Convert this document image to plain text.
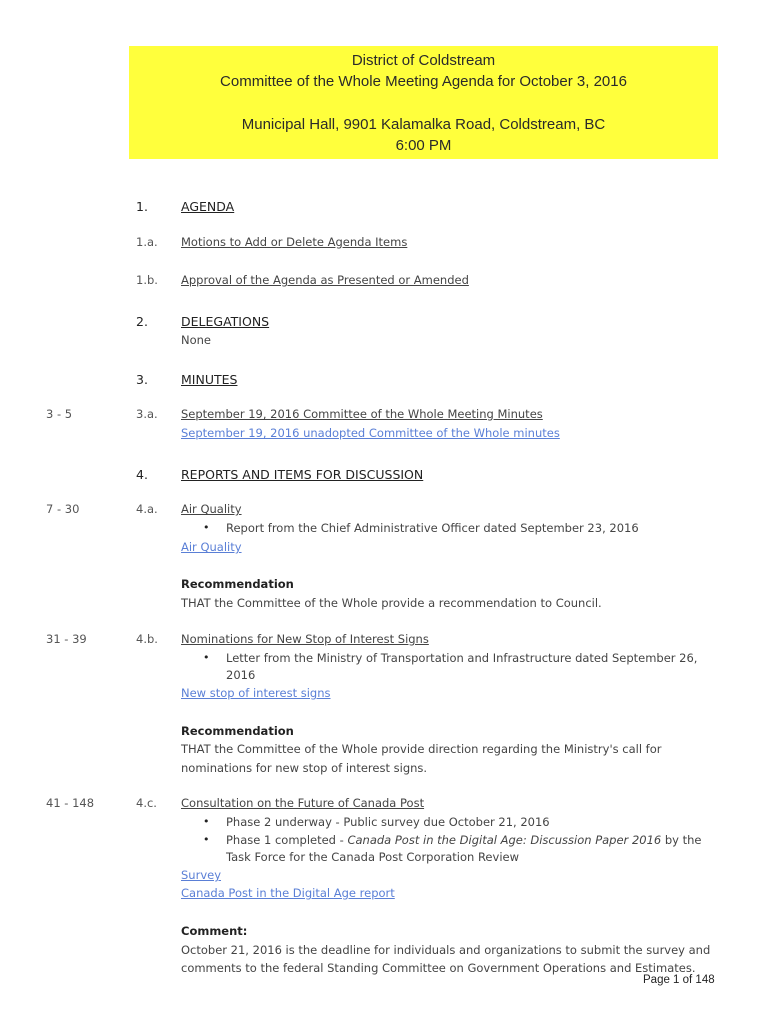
District of Coldstream
Committee of the Whole Meeting Agenda for October 3, 2016
Municipal Hall, 9901 Kalamalka Road, Coldstream, BC
6:00 PM
1.	AGENDA
1.a. Motions to Add or Delete Agenda Items
1.b. Approval of the Agenda as Presented or Amended
2.	DELEGATIONS
None
3.	MINUTES
3 - 5	3.a. September 19, 2016 Committee of the Whole Meeting Minutes
September 19, 2016 unadopted Committee of the Whole minutes
4.	REPORTS AND ITEMS FOR DISCUSSION
7 - 30	4.a. Air Quality
• Report from the Chief Administrative Officer dated September 23, 2016
Air Quality
Recommendation
THAT the Committee of the Whole provide a recommendation to Council.
31 - 39	4.b. Nominations for New Stop of Interest Signs
• Letter from the Ministry of Transportation and Infrastructure dated September 26,
2016
New stop of interest signs
Recommendation
THAT the Committee of the Whole provide direction regarding the Ministry's call for
nominations for new stop of interest signs.
41 - 148	4.c. Consultation on the Future of Canada Post
• Phase 2 underway - Public survey due October 21, 2016
• Phase 1 completed - Canada Post in the Digital Age: Discussion Paper 2016 by the
Task Force for the Canada Post Corporation Review
Survey
Canada Post in the Digital Age report
Comment:
October 21, 2016 is the deadline for individuals and organizations to submit the survey and
comments to the federal Standing Committee on Government Operations and Estimates.
Page 1 of 148
